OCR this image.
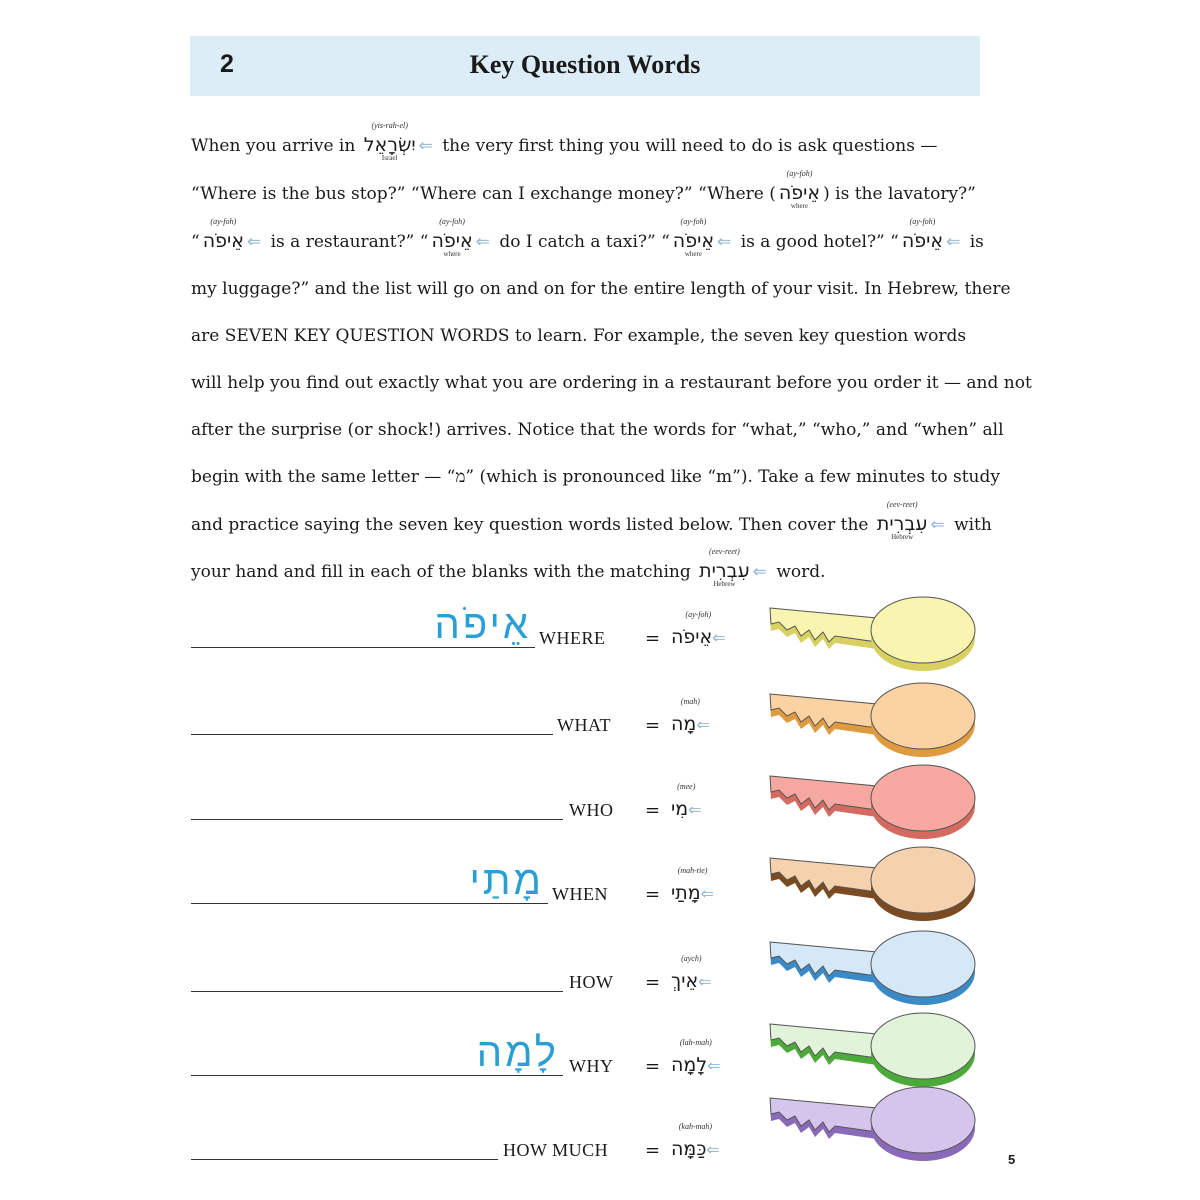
2	Key Question Words
When you arrive in
(yis-rah-el)
יִשְׂרָאֵל
Israel
⇐ the very first thing you will need to do is ask questions —
“Where is the bus stop?” “Where can I exchange money?” “Where (
(ay-foh)
אֵיפֹה
where
) is the lavatory?”
“
(ay-foh)
אֵיפֹה ⇐ is a restaurant?” “
(ay-foh)
אֵיפֹה
where
⇐ do I catch a taxi?” “
(ay-foh)
אֵיפֹה
where
⇐ is a good hotel?” “
(ay-foh)
אֵיפֹה ⇐ is
my luggage?” and the list will go on and on for the entire length of your visit. In Hebrew, there
are SEVEN KEY QUESTION WORDS to learn. For example, the seven key question words
will help you find out exactly what you are ordering in a restaurant before you order it — and not
after the surprise (or shock!) arrives. Notice that the words for “what,” “who,” and “when” all
begin with the same letter — “מ” (which is pronounced like “m”). Take a few minutes to study
and practice saying the seven key question words listed below. Then cover the
(eev-reet)
עִבְרִית
Hebrew
⇐ with
your hand and fill in each of the blanks with the matching
(eev-reet)
עִבְרִית
Hebrew
⇐ word.
אֵיפֹה WHERE =
(ay-foh)
אֵיפֹה⇐
WHAT =
(mah)
מָה⇐
WHO =
(mee)
מִי⇐
מָתַי WHEN =
(mah-tie)
מָתַי⇐
HOW =
(aych)
אֵיךְ⇐
לָמָה WHY =
(lah-mah)
לָמָה⇐
HOW MUCH =
(kah-mah)
כַּמָּה⇐
5
